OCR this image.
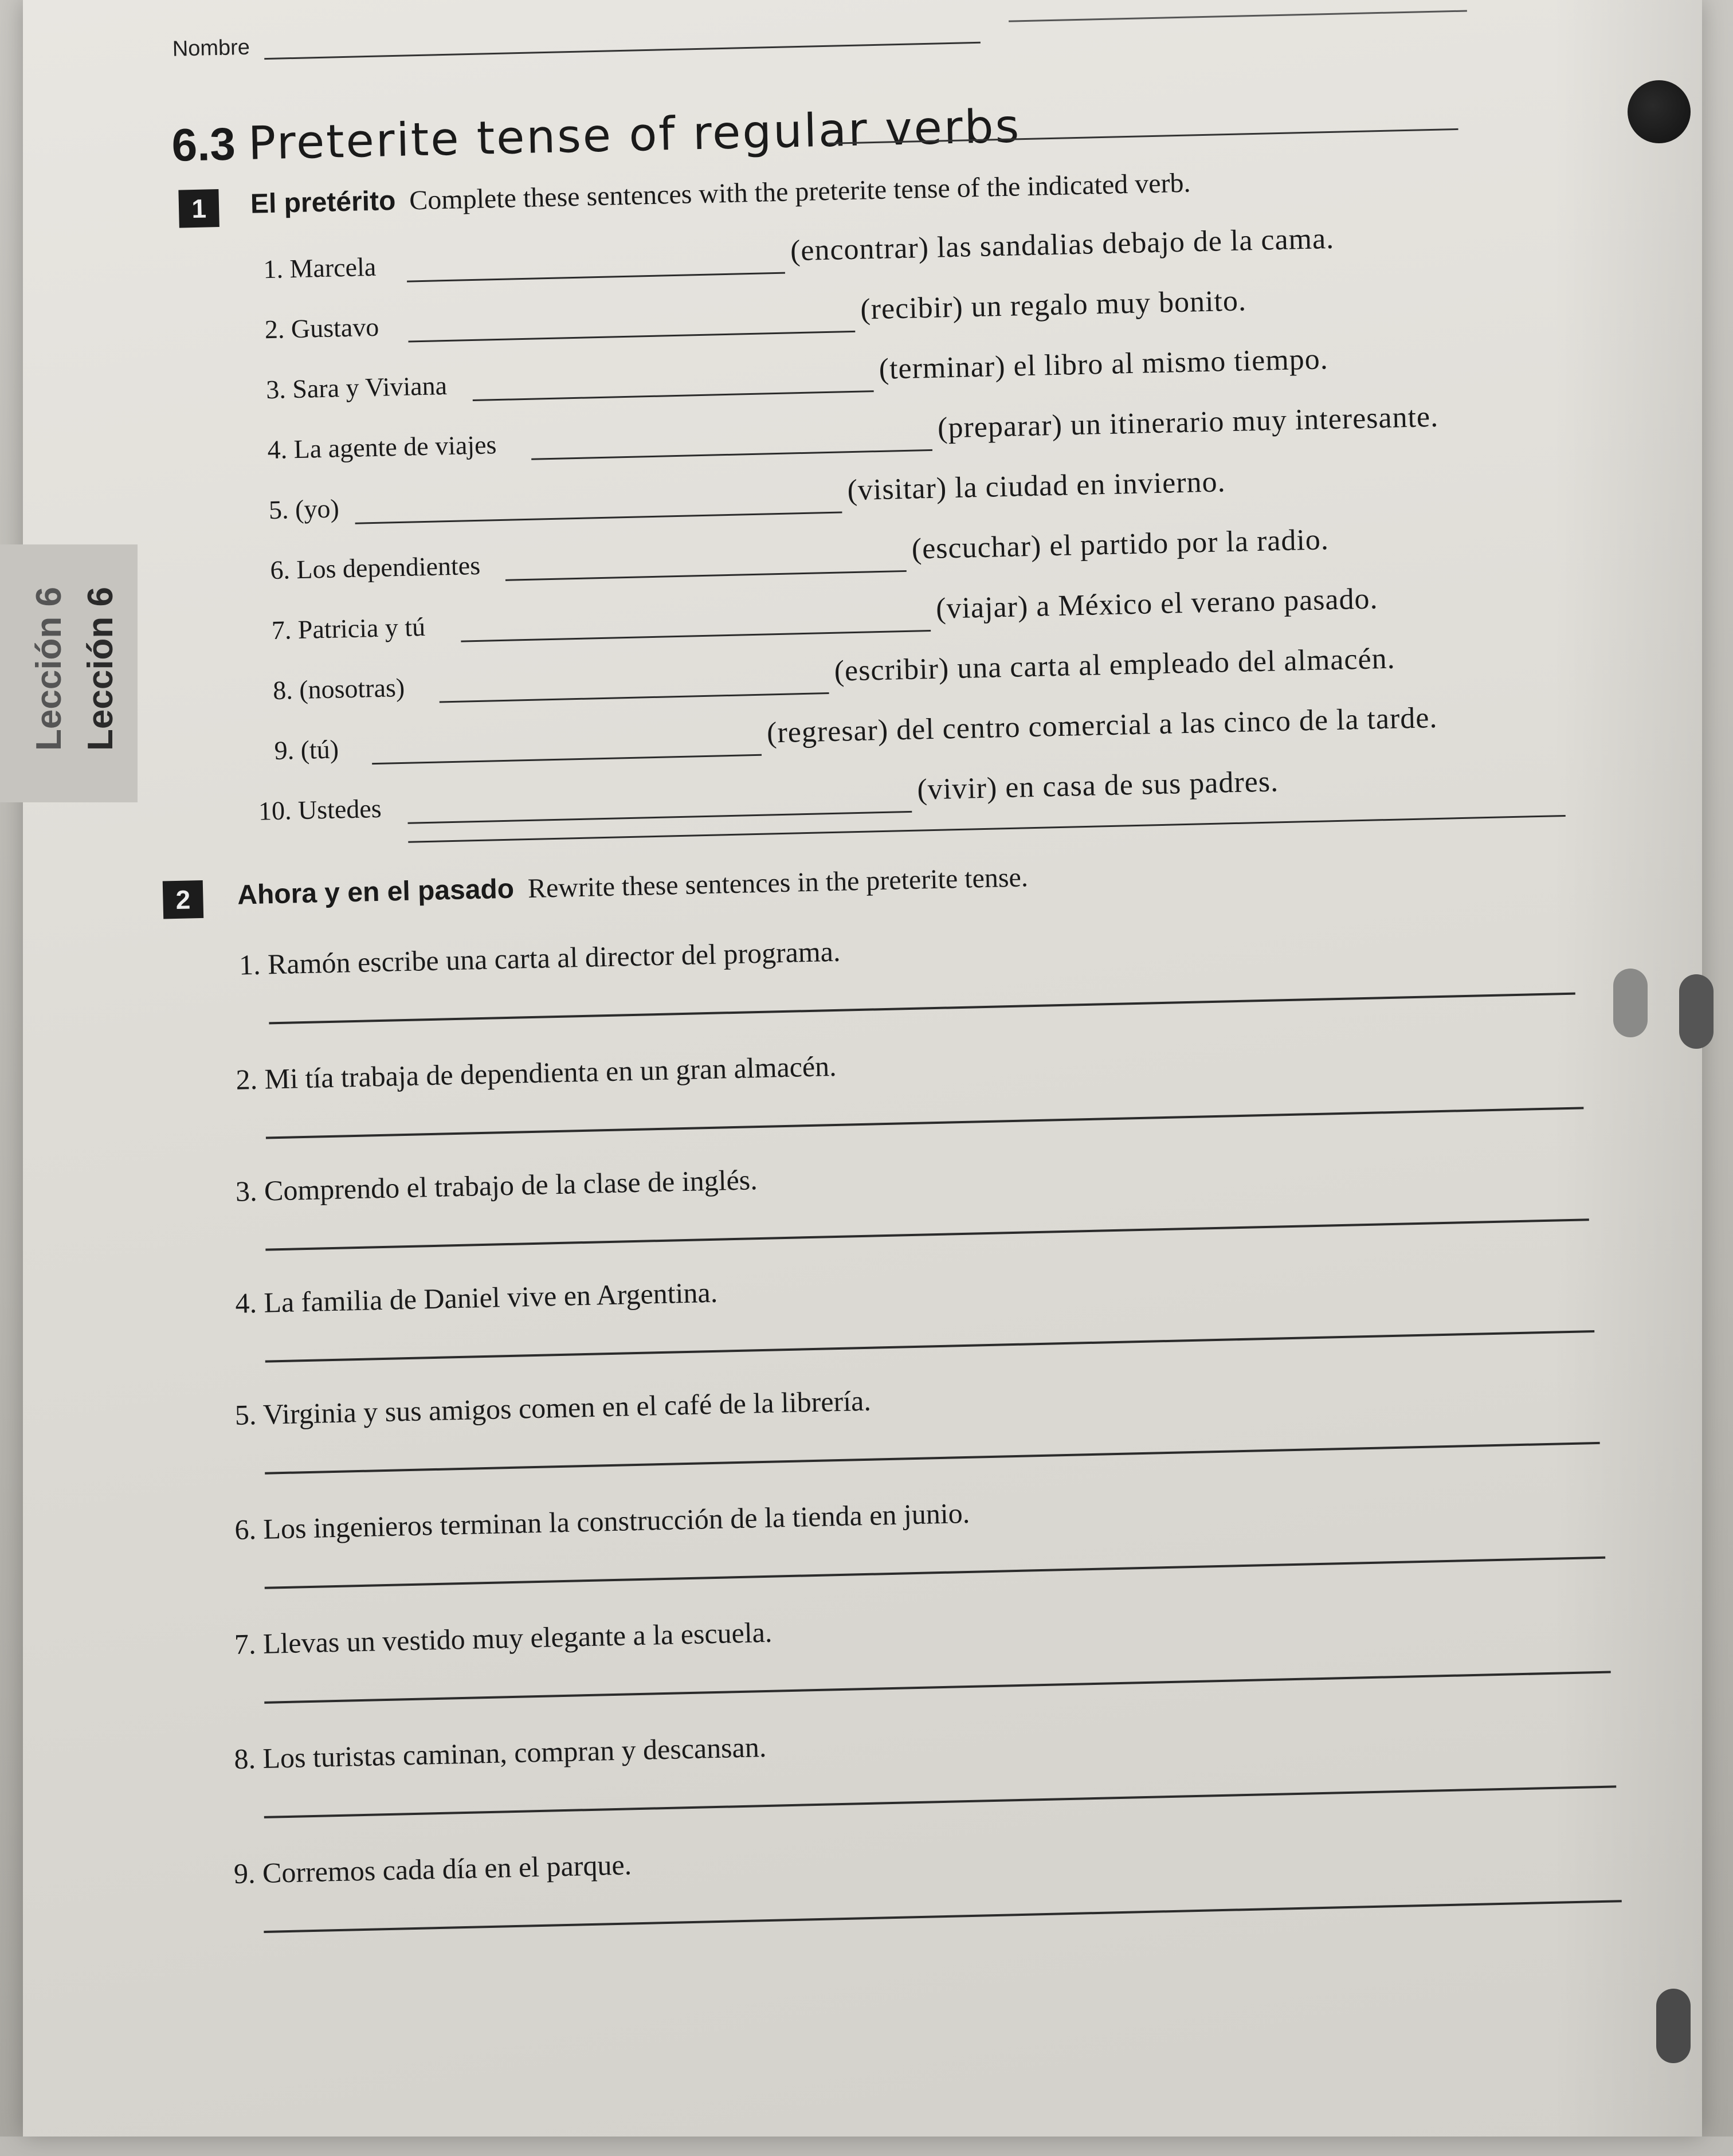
Lección 6 Lección 6
Nombre
6.3 Preterite tense of regular verbs
1	El pretérito Complete these sentences with the preterite tense of the indicated verb.
1. Marcela
(encontrar) las sandalias debajo de la cama.
2. Gustavo
(recibir) un regalo muy bonito.
3. Sara y Viviana
(terminar) el libro al mismo tiempo.
4. La agente de viajes
(preparar) un itinerario muy interesante.
5. (yo)
(visitar) la ciudad en invierno.
6. Los dependientes
(escuchar) el partido por la radio.
7. Patricia y tú
(viajar) a México el verano pasado.
8. (nosotras)
(escribir) una carta al empleado del almacén.
9. (tú)
(regresar) del centro comercial a las cinco de la tarde.
10. Ustedes
(vivir) en casa de sus padres.
2	Ahora y en el pasado Rewrite these sentences in the preterite tense.
1. Ramón escribe una carta al director del programa.
2. Mi tía trabaja de dependienta en un gran almacén.
3. Comprendo el trabajo de la clase de inglés.
4. La familia de Daniel vive en Argentina.
5. Virginia y sus amigos comen en el café de la librería.
6. Los ingenieros terminan la construcción de la tienda en junio.
7. Llevas un vestido muy elegante a la escuela.
8. Los turistas caminan, compran y descansan.
9. Corremos cada día en el parque.
